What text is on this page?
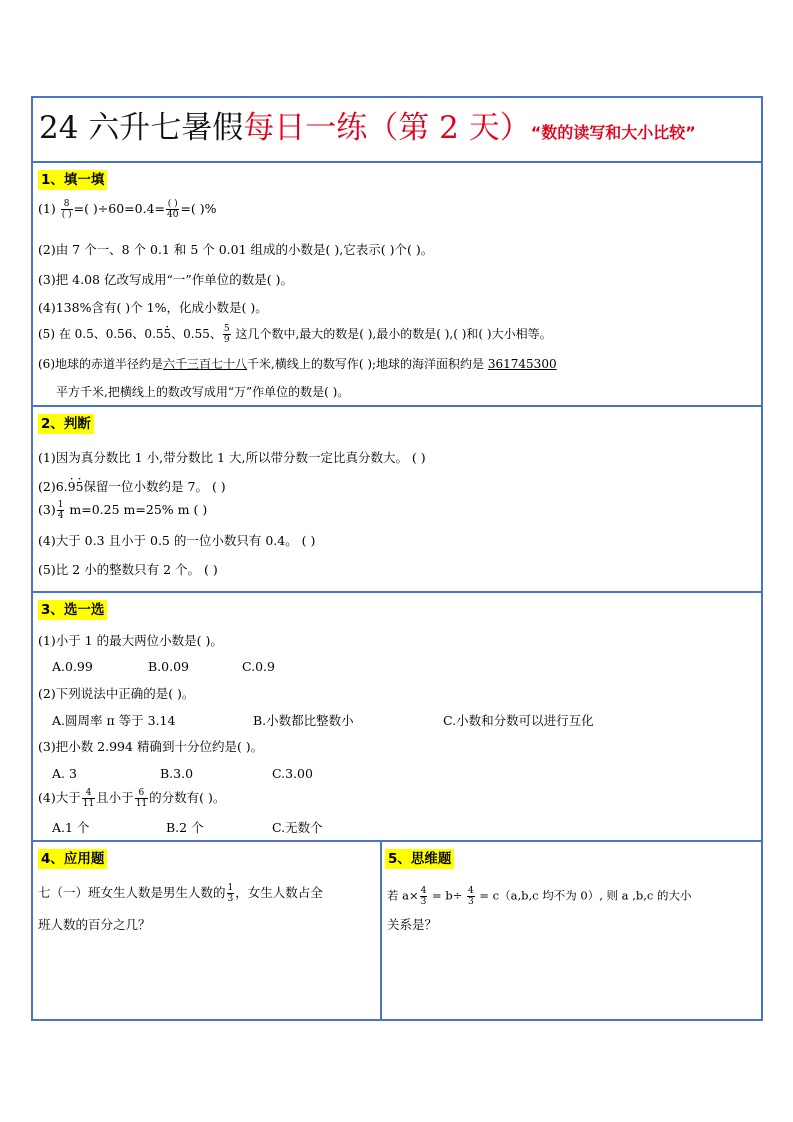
24 六升七暑假每日一练（第 2 天）“数的读写和大小比较”
1、填一填
$(1) \frac{8}{( )}$ =( )$\div 60=0.4= \frac{( )}{40}$ =( )%
(2)由 7 个一、8 个 0.1 和 5 个 0.01 组成的小数是( ),它表示( )个( )。
(3)把 4.08 亿改写成用“一”作单位的数是( )。
(4)138%含有( )个 1%，化成小数是( )。
(5) 在 0.5、0.56、0.55 ·、0.55、 $\frac{5}{9}$ 这几个数中,最大的数是( ),最小的数是( ),( )和( )大小相等。
(6)地球的赤道半径约是六千三百七十八千米,横线上的数写作( );地球的海洋面积约是 361745300
平方千米,把横线上的数改写成用“万”作单位的数是( )。
2、判断
(1)因为真分数比 1 小,带分数比 1 大,所以带分数一定比真分数大。 ( )
(2)6.9 ·5 ·保留一位小数约是 7。 ( )
$(3) \frac{1}{4} m=0.25$ m=25% m ( )
(4)大于 0.3 且小于 0.5 的一位小数只有 0.4。 ( )
(5)比 2 小的整数只有 2 个。 ( )
3、选一选
(1)小于 1 的最大两位小数是( )。
A.0.99	B.0.09	C.0.9
(2)下列说法中正确的是( )。
A.圆周率 π 等于 3.14	B.小数都比整数小	C.小数和分数可以进行互化
(3)把小数 2.994 精确到十分位约是( )。
A. 3	B.3.0	C.3.00
(4)大于 $\frac{4}{11}$ 且小于 $\frac{6}{11}$ 的分数有( )。
A.1 个	B.2 个	C.无数个
4、应用题
七（一）班女生人数是男生人数的 $\frac{1}{3}$ ，女生人数占全
班人数的百分之几？
5、思维题
若 $a\times \frac{4}{3} = b\div \frac{4}{3} = c(a,b,c$ 均不为 0）, 则 a ,b,c 的大小
关系是？
